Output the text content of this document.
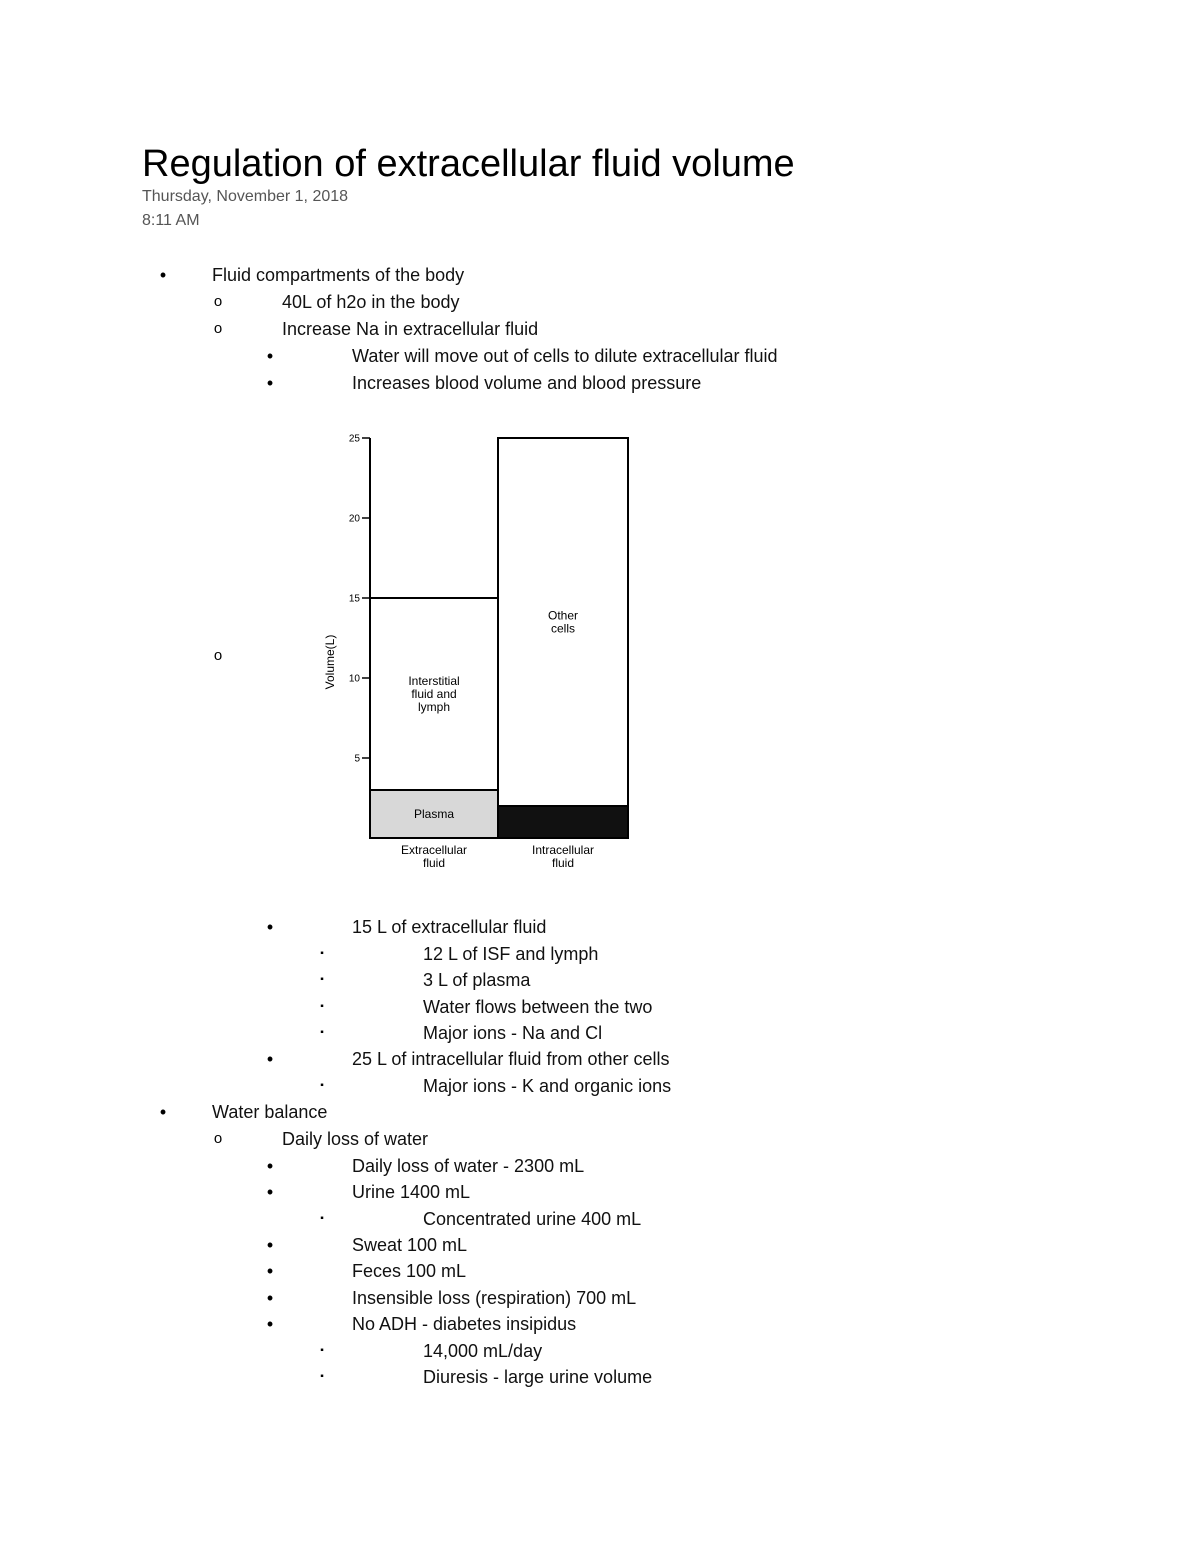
Regulation of extracellular fluid volume
Thursday, November 1, 2018
8:11 AM
•	Fluid compartments of the body
o	40L of h2o in the body
o	Increase Na in extracellular fluid
•	Water will move out of cells to dilute extracellular fluid
•	Increases blood volume and blood pressure
o
•	15 L of extracellular fluid
▪	12 L of ISF and lymph
▪	3 L of plasma
▪	Water flows between the two
▪	Major ions - Na and Cl
•	25 L of intracellular fluid from other cells
▪	Major ions - K and organic ions
•	Water balance
o	Daily loss of water
•	Daily loss of water - 2300 mL
•	Urine 1400 mL
▪	Concentrated urine 400 mL
•	Sweat 100 mL
•	Feces 100 mL
•	Insensible loss (respiration) 700 mL
•	No ADH - diabetes insipidus
▪	14,000 mL/day
▪	Diuresis - large urine volume
5
10
15
20
25
Volume(L)
Plasma
Interstitial
fluid and
lymph
Extracellular
fluid
Other
cells
Intracellular
fluid
